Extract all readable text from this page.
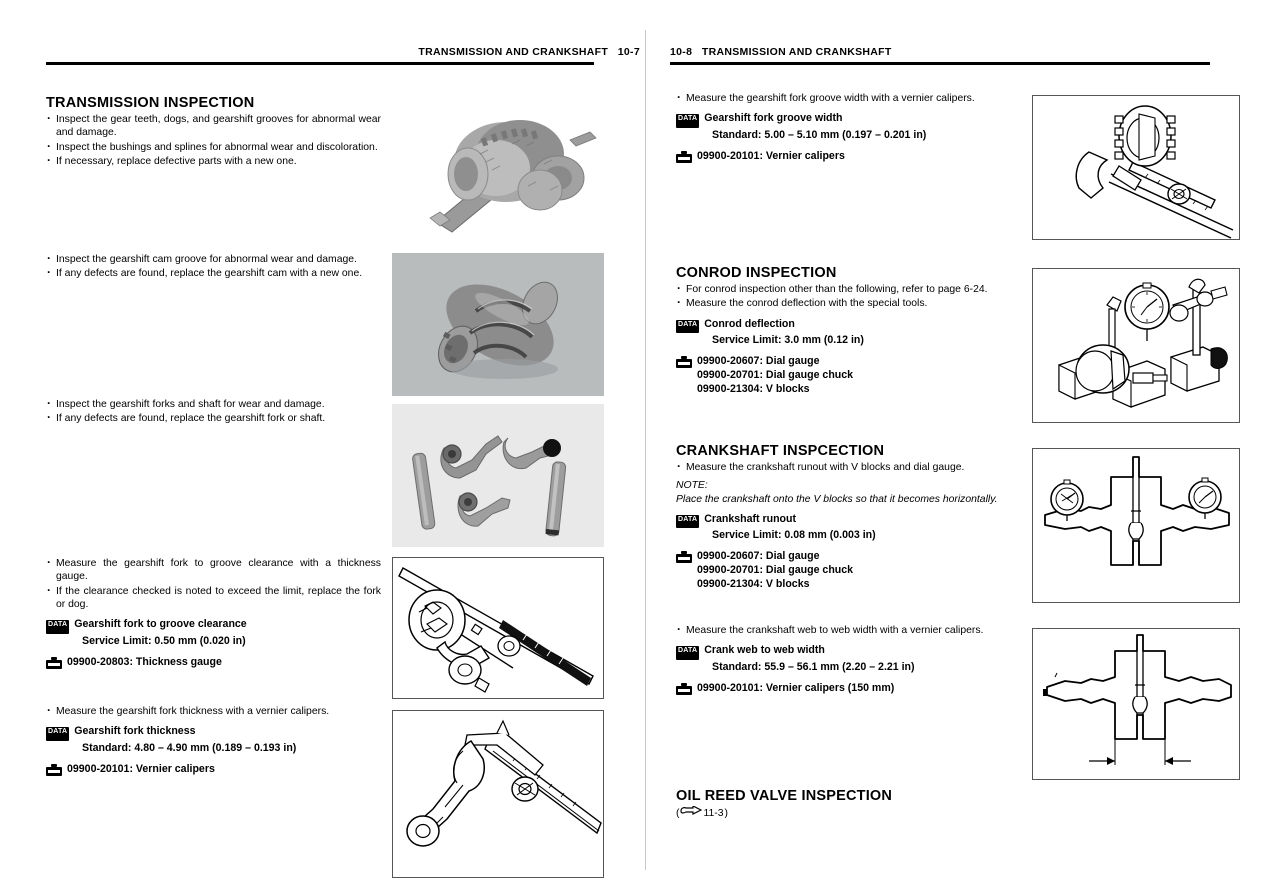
TRANSMISSION AND CRANKSHAFT 10-7
TRANSMISSION INSPECTION
· Inspect the gear teeth, dogs, and gearshift grooves for abnormal wear and damage.
· Inspect the bushings and splines for abnormal wear and discoloration.
· If necessary, replace defective parts with a new one.
· Inspect the gearshift cam groove for abnormal wear and damage.
· If any defects are found, replace the gearshift cam with a new one.
· Inspect the gearshift forks and shaft for wear and damage.
· If any defects are found, replace the gearshift fork or shaft.
· Measure the gearshift fork to groove clearance with a thickness gauge.
· If the clearance checked is noted to exceed the limit, replace the fork or dog.
DATA
Gearshift fork to groove clearance
Service Limit: 0.50 mm (0.020 in)
09900-20803: Thickness gauge
· Measure the gearshift fork thickness with a vernier calipers.
DATA
Gearshift fork thickness
Standard: 4.80 – 4.90 mm (0.189 – 0.193 in)
09900-20101: Vernier calipers
10-8 TRANSMISSION AND CRANKSHAFT
· Measure the gearshift fork groove width with a vernier calipers.
DATA
Gearshift fork groove width
Standard: 5.00 – 5.10 mm (0.197 – 0.201 in)
09900-20101: Vernier calipers
CONROD INSPECTION
· For conrod inspection other than the following, refer to page 6-24.
· Measure the conrod deflection with the special tools.
DATA
Conrod deflection
Service Limit: 3.0 mm (0.12 in)
09900-20607: Dial gauge
09900-20701: Dial gauge chuck
09900-21304: V blocks
CRANKSHAFT INSPCECTION
· Measure the crankshaft runout with V blocks and dial gauge.
NOTE:
Place the crankshaft onto the V blocks so that it becomes horizontally.
DATA
Crankshaft runout
Service Limit: 0.08 mm (0.003 in)
09900-20607: Dial gauge
09900-20701: Dial gauge chuck
09900-21304: V blocks
· Measure the crankshaft web to web width with a vernier calipers.
DATA
Crank web to web width
Standard: 55.9 – 56.1 mm (2.20 – 2.21 in)
09900-20101: Vernier calipers (150 mm)
OIL REED VALVE INSPECTION
( 11-3 )
